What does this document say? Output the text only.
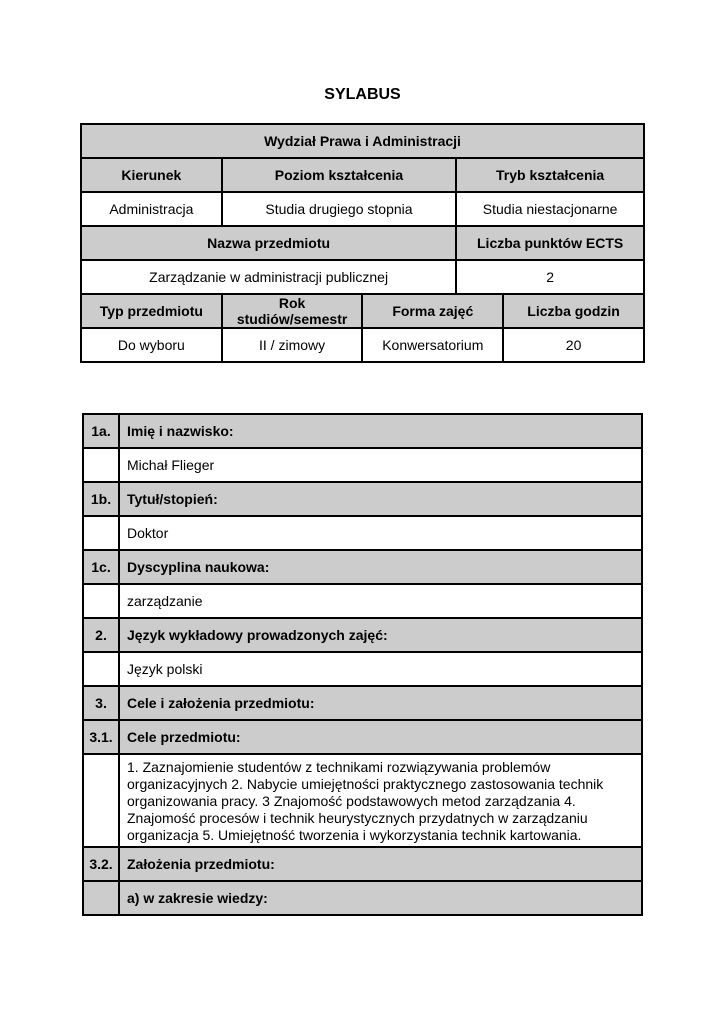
SYLABUS
Wydział Prawa i Administracji				
Kierunek	Poziom kształcenia		Tryb kształcenia	
Administracja	Studia drugiego stopnia		Studia niestacjonarne	
Nazwa przedmiotu			Liczba punktów ECTS	
Zarządzanie w administracji publicznej			2	
Typ przedmiotu	Rok studiów/semestr	Forma zajęć		Liczba godzin
Do wyboru	II / zimowy	Konwersatorium		20
1a.	Imię i nazwisko:
	Michał Flieger
1b.	Tytuł/stopień:
	Doktor
1c.	Dyscyplina naukowa:
	zarządzanie
2.	Język wykładowy prowadzonych zajęć:
	Język polski
3.	Cele i założenia przedmiotu:
3.1.	Cele przedmiotu:
	1. Zaznajomienie studentów z technikami rozwiązywania problemów organizacyjnych 2. Nabycie umiejętności praktycznego zastosowania technik organizowania pracy. 3 Znajomość podstawowych metod zarządzania 4. Znajomość procesów i technik heurystycznych przydatnych w zarządzaniu organizacja 5. Umiejętność tworzenia i wykorzystania technik kartowania.
3.2.	Założenia przedmiotu:
	a) w zakresie wiedzy:
